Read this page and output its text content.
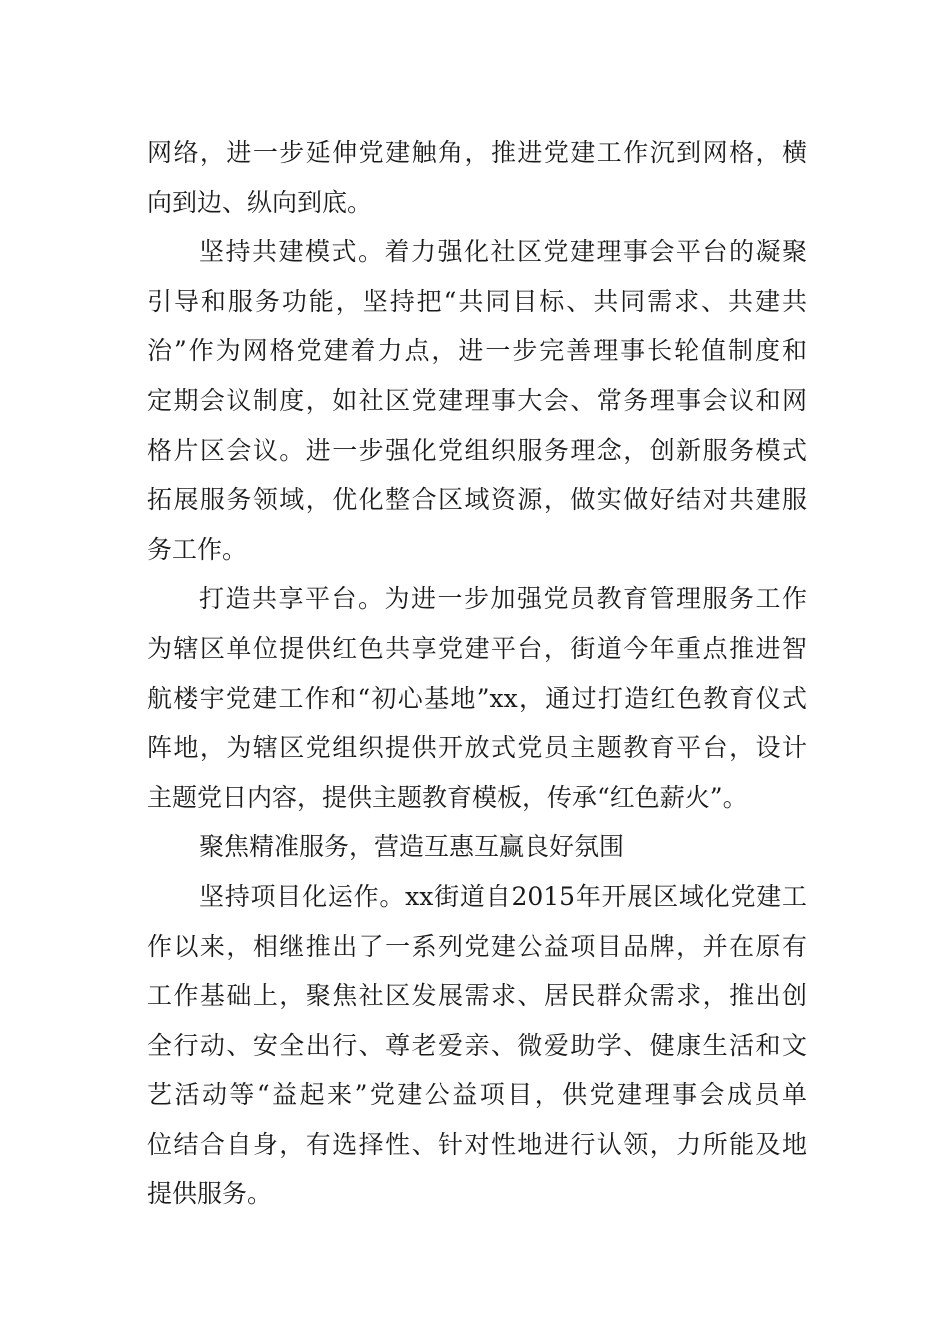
网络，进一步延伸党建触角，推进党建工作沉到网格，横
向到边、纵向到底。
坚持共建模式。着力强化社区党建理事会平台的凝聚
引导和服务功能，坚持把“共同目标、共同需求、共建共
治”作为网格党建着力点，进一步完善理事长轮值制度和
定期会议制度，如社区党建理事大会、常务理事会议和网
格片区会议。进一步强化党组织服务理念，创新服务模式
拓展服务领域，优化整合区域资源，做实做好结对共建服
务工作。
打造共享平台。为进一步加强党员教育管理服务工作
为辖区单位提供红色共享党建平台，街道今年重点推进智
航楼宇党建工作和“初心基地”xx，通过打造红色教育仪式
阵地，为辖区党组织提供开放式党员主题教育平台，设计
主题党日内容，提供主题教育模板，传承“红色薪火”。
聚焦精准服务，营造互惠互赢良好氛围
坚持项目化运作。xx街道自2015年开展区域化党建工
作以来，相继推出了一系列党建公益项目品牌，并在原有
工作基础上，聚焦社区发展需求、居民群众需求，推出创
全行动、安全出行、尊老爱亲、微爱助学、健康生活和文
艺活动等“益起来”党建公益项目，供党建理事会成员单
位结合自身，有选择性、针对性地进行认领，力所能及地
提供服务。
